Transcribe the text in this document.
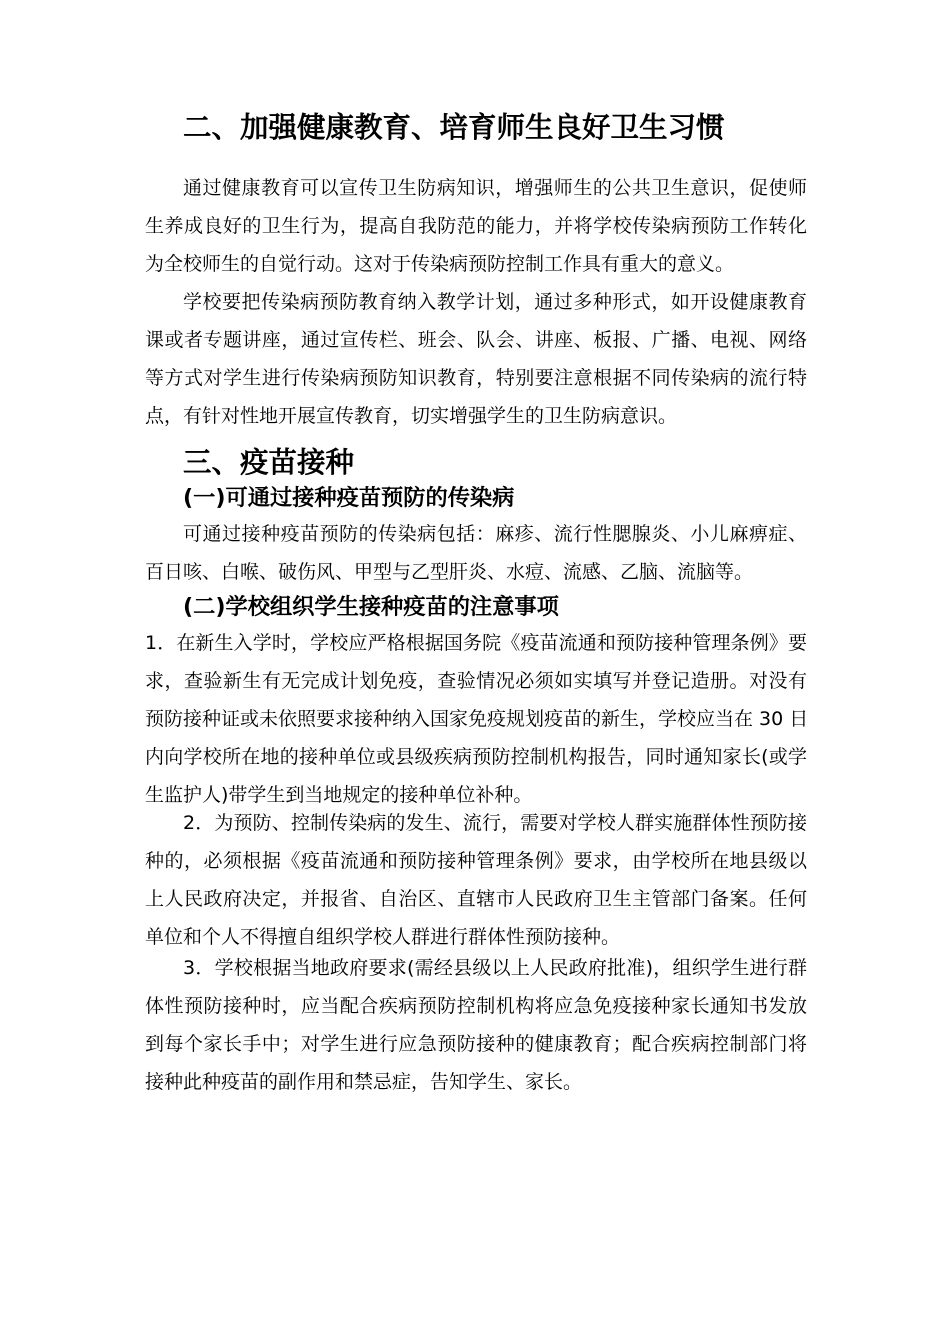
二、加强健康教育、培育师生良好卫生习惯
通过健康教育可以宣传卫生防病知识，增强师生的公共卫生意识，促使师
生养成良好的卫生行为，提高自我防范的能力，并将学校传染病预防工作转化
为全校师生的自觉行动。这对于传染病预防控制工作具有重大的意义。
学校要把传染病预防教育纳入教学计划，通过多种形式，如开设健康教育
课或者专题讲座，通过宣传栏、班会、队会、讲座、板报、广播、电视、网络
等方式对学生进行传染病预防知识教育，特别要注意根据不同传染病的流行特
点，有针对性地开展宣传教育，切实增强学生的卫生防病意识。
三、疫苗接种
(一)可通过接种疫苗预防的传染病
可通过接种疫苗预防的传染病包括：麻疹、流行性腮腺炎、小儿麻痹症、
百日咳、白喉、破伤风、甲型与乙型肝炎、水痘、流感、乙脑、流脑等。
(二)学校组织学生接种疫苗的注意事项
1．在新生入学时，学校应严格根据国务院《疫苗流通和预防接种管理条例》要
求，查验新生有无完成计划免疫，查验情况必须如实填写并登记造册。对没有
预防接种证或未依照要求接种纳入国家免疫规划疫苗的新生，学校应当在 30 日
内向学校所在地的接种单位或县级疾病预防控制机构报告，同时通知家长(或学
生监护人)带学生到当地规定的接种单位补种。
2．为预防、控制传染病的发生、流行，需要对学校人群实施群体性预防接
种的，必须根据《疫苗流通和预防接种管理条例》要求，由学校所在地县级以
上人民政府决定，并报省、自治区、直辖市人民政府卫生主管部门备案。任何
单位和个人不得擅自组织学校人群进行群体性预防接种。
3．学校根据当地政府要求(需经县级以上人民政府批准)，组织学生进行群
体性预防接种时，应当配合疾病预防控制机构将应急免疫接种家长通知书发放
到每个家长手中；对学生进行应急预防接种的健康教育；配合疾病控制部门将
接种此种疫苗的副作用和禁忌症，告知学生、家长。
